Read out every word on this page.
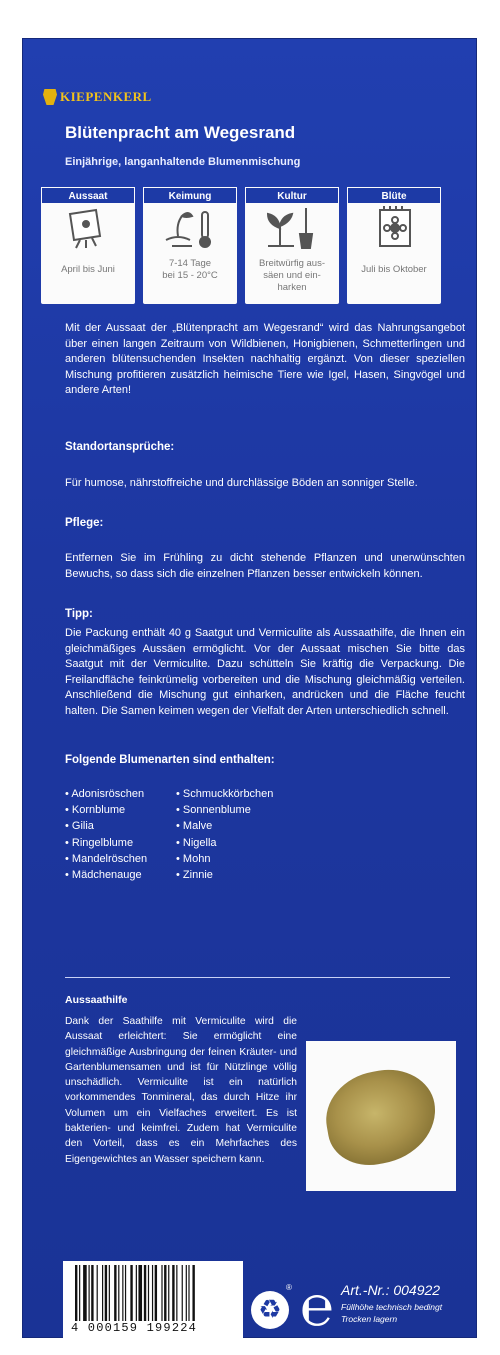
KIEPENKERL
Blütenpracht am Wegesrand
Einjährige, langanhaltende Blumenmischung
Aussaat
April bis Juni
Keimung
7-14 Tage
bei 15 - 20°C
Kultur
Breitwürfig aus-
säen und ein-
harken
Blüte
Juli bis Oktober
Mit der Aussaat der „Blütenpracht am Wegesrand“ wird das Nahrungsangebot über einen langen Zeitraum von Wildbienen, Honigbienen, Schmetterlingen und anderen blütensuchenden Insekten nachhaltig ergänzt. Von dieser speziellen Mischung profitieren zusätzlich heimische Tiere wie Igel, Hasen, Singvögel und andere Arten!
Standortansprüche:
Für humose, nährstoffreiche und durchlässige Böden an sonniger Stelle.
Pflege:
Entfernen Sie im Frühling zu dicht stehende Pflanzen und unerwünschten Bewuchs, so dass sich die einzelnen Pflanzen besser entwickeln können.
Tipp:
Die Packung enthält 40 g Saatgut und Vermiculite als Aussaathilfe, die Ihnen ein gleichmäßiges Aussäen ermöglicht. Vor der Aussaat mischen Sie bitte das Saatgut mit der Vermiculite. Dazu schütteln Sie kräftig die Verpackung. Die Freilandfläche feinkrümelig vorbereiten und die Mischung gleichmäßig verteilen. Anschließend die Mischung gut einharken, andrücken und die Fläche feucht halten. Die Samen keimen wegen der Vielfalt der Arten unterschiedlich schnell.
Folgende Blumenarten sind enthalten:
• Adonisröschen
• Kornblume
• Gilia
• Ringelblume
• Mandelröschen
• Mädchenauge
• Schmuckkörbchen
• Sonnenblume
• Malve
• Nigella
• Mohn
• Zinnie
Aussaathilfe
Dank der Saathilfe mit Vermiculite wird die Aussaat erleichtert: Sie ermöglicht eine gleichmäßige Ausbringung der feinen Kräuter- und Gartenblumensamen und ist für Nützlinge völlig unschädlich. Vermiculite ist ein natürlich vorkommendes Tonmineral, das durch Hitze ihr Volumen um ein Vielfaches erweitert. Es ist bakterien- und keimfrei. Zudem hat Vermiculite den Vorteil, dass es ein Mehrfaches des Eigengewichtes an Wasser speichern kann.
4 000159 199224
♻
® ℮ Art.-Nr.: 004922
Füllhöhe technisch bedingt
Trocken lagern
